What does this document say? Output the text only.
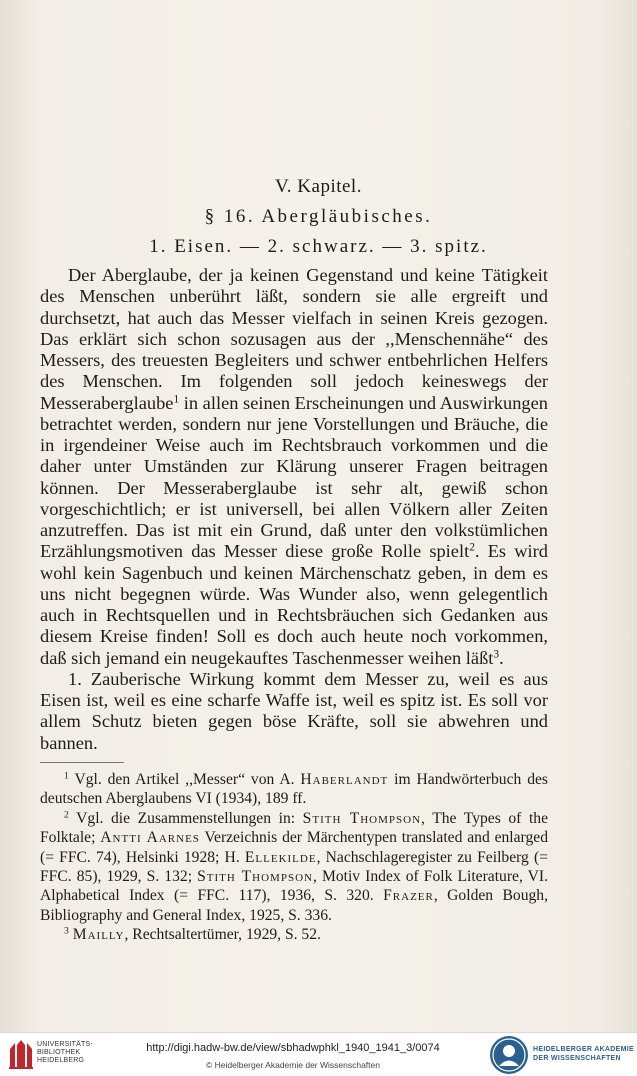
V. Kapitel.
§ 16. Abergläubisches.
1. Eisen. — 2. schwarz. — 3. spitz.

Der Aberglaube, der ja keinen Gegenstand und keine Tätigkeit des Menschen unberührt läßt, sondern sie alle ergreift und durchsetzt, hat auch das Messer vielfach in seinen Kreis gezogen. Das erklärt sich schon sozusagen aus der ,,Menschennähe“ des Messers, des treuesten Begleiters und schwer entbehrlichen Helfers des Menschen. Im folgenden soll jedoch keineswegs der Messeraberglaube$^1$ in allen seinen Erscheinungen und Auswirkungen betrachtet werden, sondern nur jene Vorstellungen und Bräuche, die in irgendeiner Weise auch im Rechtsbrauch vorkommen und die daher unter Umständen zur Klärung unserer Fragen beitragen können. Der Messeraberglaube ist sehr alt, gewiß schon vorgeschichtlich; er ist universell, bei allen Völkern aller Zeiten anzutreffen. Das ist mit ein Grund, daß unter den volkstümlichen Erzählungsmotiven das Messer diese große Rolle spielt$^2$. Es wird wohl kein Sagenbuch und keinen Märchenschatz geben, in dem es uns nicht begegnen würde. Was Wunder also, wenn gelegentlich auch in Rechtsquellen und in Rechtsbräuchen sich Gedanken aus diesem Kreise finden! Soll es doch auch heute noch vorkommen, daß sich jemand ein neugekauftes Taschenmesser weihen läßt$^3$.

1. Zauberische Wirkung kommt dem Messer zu, weil es aus Eisen ist, weil es eine scharfe Waffe ist, weil es spitz ist. Es soll vor allem Schutz bieten gegen böse Kräfte, soll sie abwehren und bannen.

$^1$ Vgl. den Artikel ,,Messer“ von A. Haberlandt im Handwörterbuch des deutschen Aberglaubens VI (1934), 189 ff.

$^2$ Vgl. die Zusammenstellungen in: Stith Thompson, The Types of the Folktale; Antti Aarnes Verzeichnis der Märchentypen translated and enlarged (= FFC. 74), Helsinki 1928; H. Ellekilde, Nachschlageregister zu Feilberg (= FFC. 85), 1929, S. 132; Stith Thompson, Motiv Index of Folk Literature, VI. Alphabetical Index (= FFC. 117), 1936, S. 320. Frazer, Golden Bough, Bibliography and General Index, 1925, S. 336.

$^3$ Mailly, Rechtsaltertümer, 1929, S. 52.

UNIVERSITÄTS-
BIBLIOTHEK
HEIDELBERG
http://digi.hadw-bw.de/view/sbhadwphkl_1940_1941_3/0074
© Heidelberger Akademie der Wissenschaften
HEIDELBERGER AKADEMIE
DER WISSENSCHAFTEN
